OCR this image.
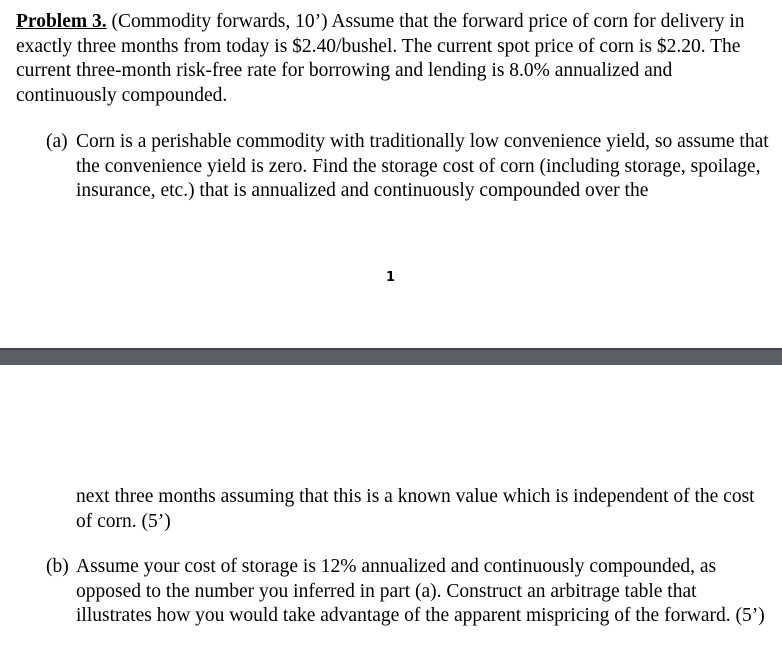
Problem 3. (Commodity forwards, 10’) Assume that the forward price of corn for delivery in exactly three months from today is $2.40/bushel. The current spot price of corn is $2.20. The current three-month risk-free rate for borrowing and lending is 8.0% annualized and continuously compounded.

(a) Corn is a perishable commodity with traditionally low convenience yield, so assume that the convenience yield is zero. Find the storage cost of corn (including storage, spoilage, insurance, etc.) that is annualized and continuously compounded over the
1
next three months assuming that this is a known value which is independent of the cost of corn. (5’)
(b) Assume your cost of storage is 12% annualized and continuously compounded, as opposed to the number you inferred in part (a). Construct an arbitrage table that illustrates how you would take advantage of the apparent mispricing of the forward. (5’)
